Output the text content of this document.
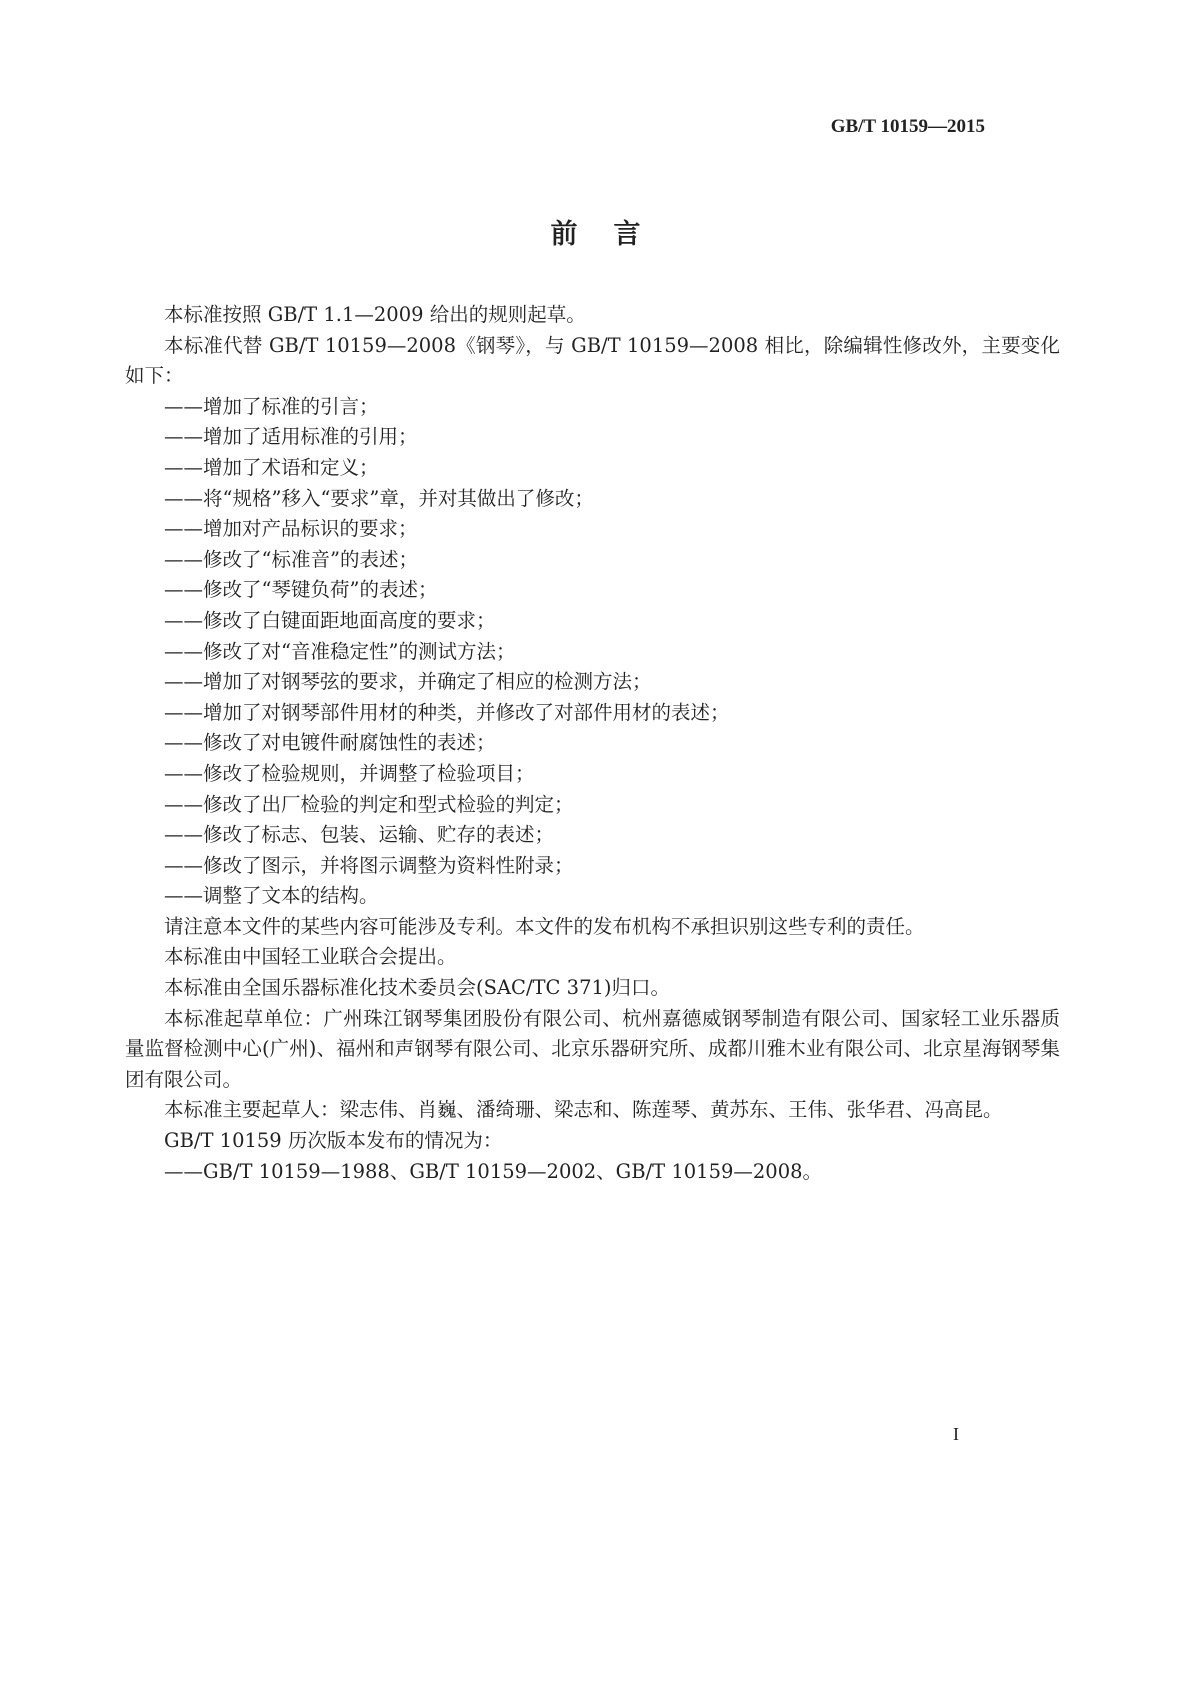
GB/T 10159—2015
前言

本标准按照 GB/T 1.1—2009 给出的规则起草。

本标准代替 GB/T 10159—2008《钢琴》，与 GB/T 10159—2008 相比，除编辑性修改外，主要变化如下：

——增加了标准的引言；

——增加了适用标准的引用；

——增加了术语和定义；

——将“规格”移入“要求”章，并对其做出了修改；

——增加对产品标识的要求；

——修改了“标准音”的表述；

——修改了“琴键负荷”的表述；

——修改了白键面距地面高度的要求；

——修改了对“音准稳定性”的测试方法；

——增加了对钢琴弦的要求，并确定了相应的检测方法；

——增加了对钢琴部件用材的种类，并修改了对部件用材的表述；

——修改了对电镀件耐腐蚀性的表述；

——修改了检验规则，并调整了检验项目；

——修改了出厂检验的判定和型式检验的判定；

——修改了标志、包装、运输、贮存的表述；

——修改了图示，并将图示调整为资料性附录；

——调整了文本的结构。

请注意本文件的某些内容可能涉及专利。本文件的发布机构不承担识别这些专利的责任。

本标准由中国轻工业联合会提出。

本标准由全国乐器标准化技术委员会(SAC/TC 371)归口。

本标准起草单位：广州珠江钢琴集团股份有限公司、杭州嘉德威钢琴制造有限公司、国家轻工业乐器质量监督检测中心(广州)、福州和声钢琴有限公司、北京乐器研究所、成都川雅木业有限公司、北京星海钢琴集团有限公司。

本标准主要起草人：梁志伟、肖巍、潘绮珊、梁志和、陈莲琴、黄苏东、王伟、张华君、冯高昆。

GB/T 10159 历次版本发布的情况为：

——GB/T 10159—1988、GB/T 10159—2002、GB/T 10159—2008。

I
